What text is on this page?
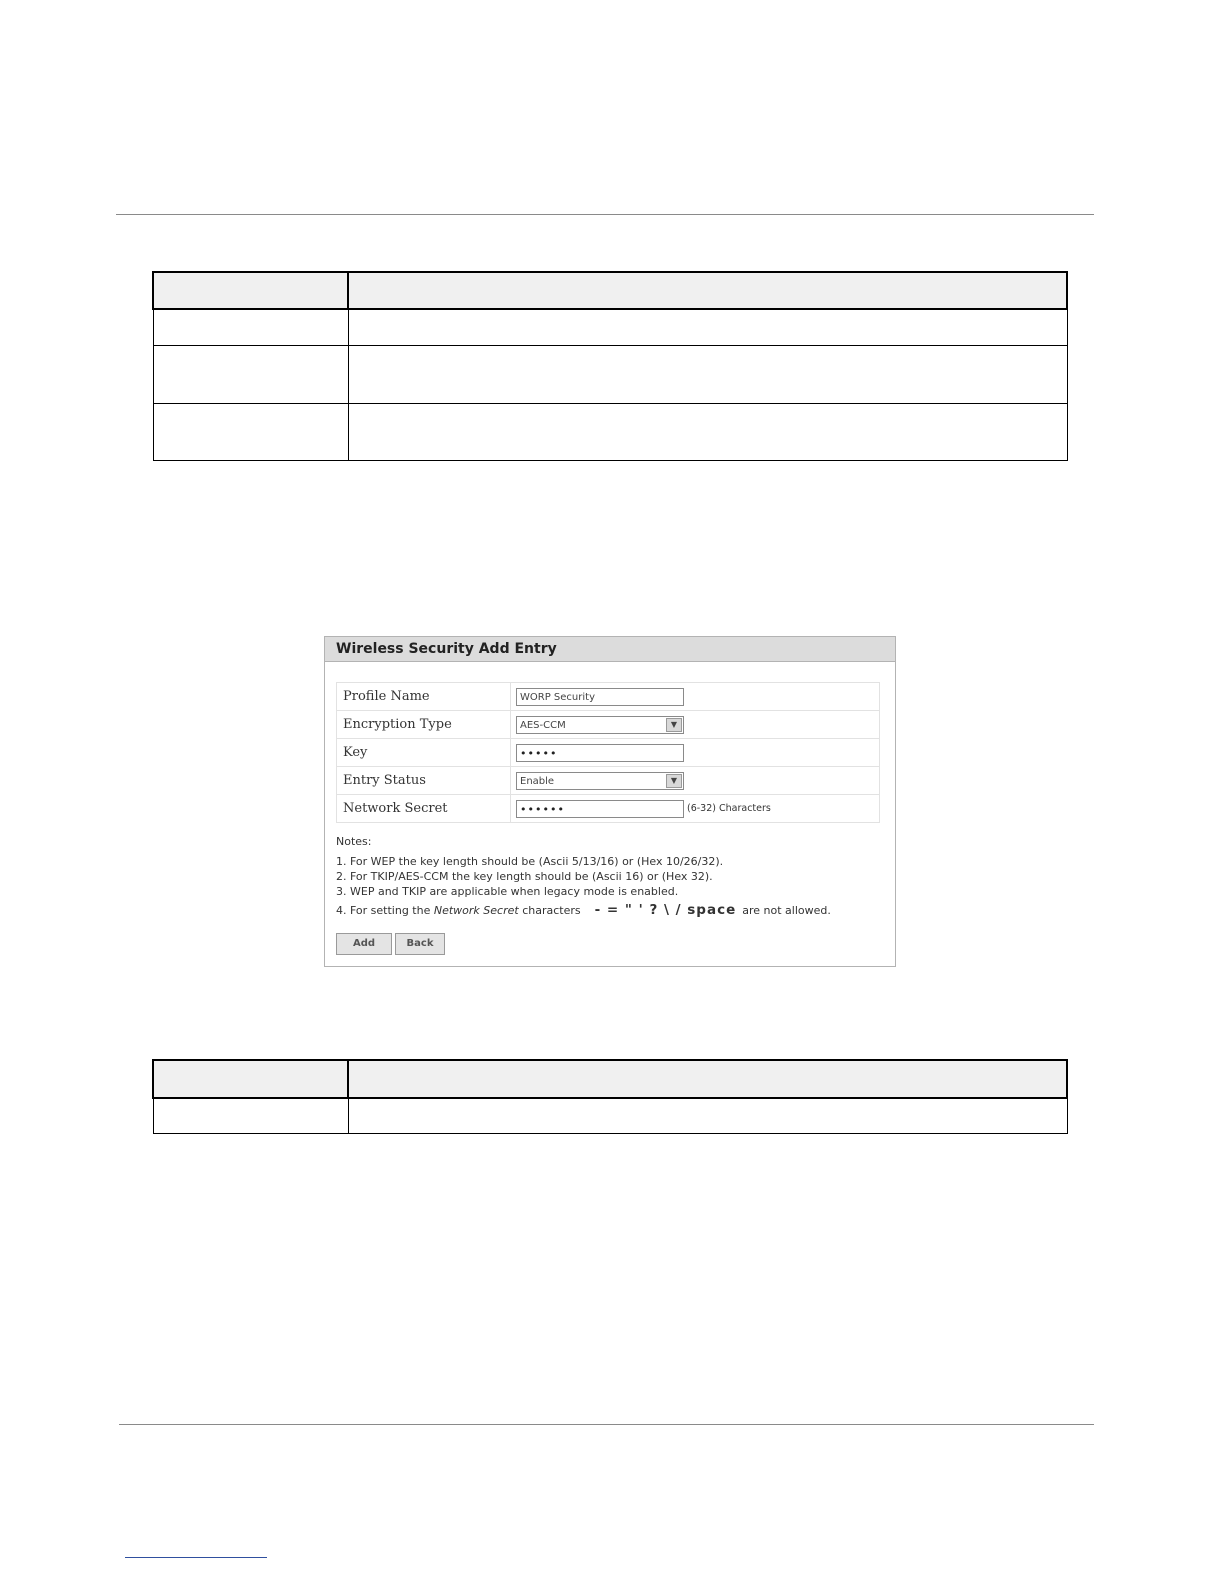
Wireless Security Add Entry
Profile Name	WORP Security
Encryption Type	AES-CCM ▼

Key	•••••
Entry Status	Enable ▼

Network Secret	•••••• (6-32) Characters
Notes:
1. For WEP the key length should be (Ascii 5/13/16) or (Hex 10/26/32).
2. For TKIP/AES-CCM the key length should be (Ascii 16) or (Hex 32).
3. WEP and TKIP are applicable when legacy mode is enabled.
4. For setting the Network Secret characters - = " ' ? \ / space are not allowed.
Add	Back
